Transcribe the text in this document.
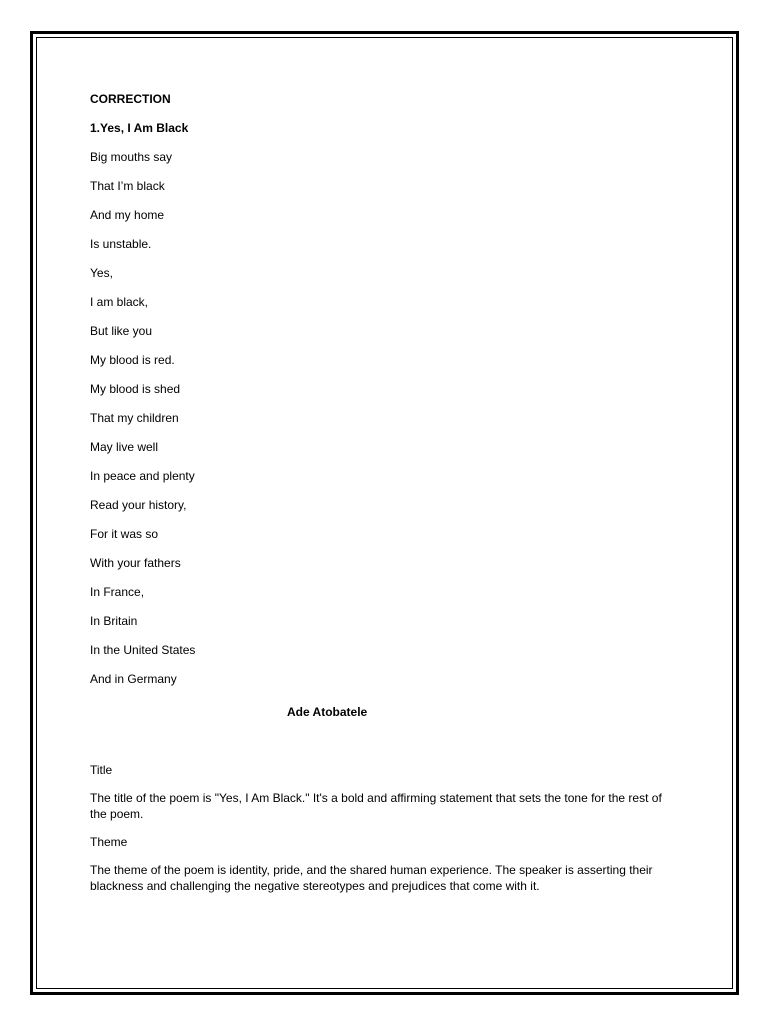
CORRECTION

1.Yes, I Am Black

Big mouths say

That I’m black

And my home

Is unstable.

Yes,

I am black,

But like you

My blood is red.

My blood is shed

That my children

May live well

In peace and plenty

Read your history,

For it was so

With your fathers

In France,

In Britain

In the United States

And in Germany

Ade Atobatele

Title

The title of the poem is "Yes, I Am Black." It's a bold and affirming statement that sets the tone for the rest of the poem.

Theme

The theme of the poem is identity, pride, and the shared human experience. The speaker is asserting their blackness and challenging the negative stereotypes and prejudices that come with it.
